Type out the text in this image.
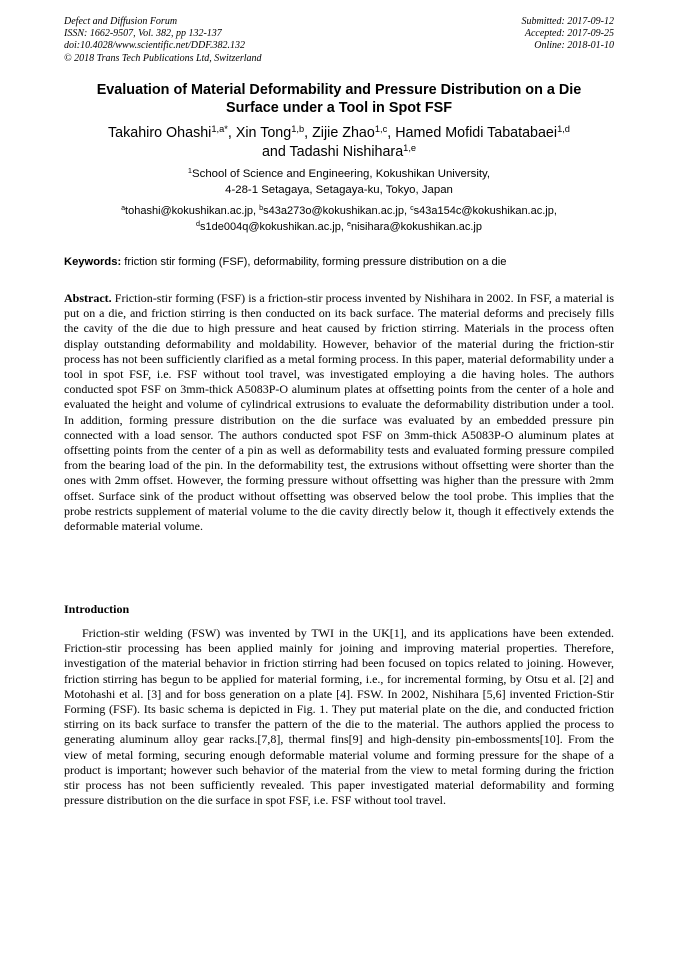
Defect and Diffusion Forum
ISSN: 1662-9507, Vol. 382, pp 132-137
doi:10.4028/www.scientific.net/DDF.382.132
© 2018 Trans Tech Publications Ltd, Switzerland
Submitted: 2017-09-12
Accepted: 2017-09-25
Online: 2018-01-10
Evaluation of Material Deformability and Pressure Distribution on a Die
Surface under a Tool in Spot FSF
Takahiro Ohashi$^{1,a*}$, Xin Tong$^{1,b}$, Zijie Zhao$^{1,c}$, Hamed Mofidi Tabatabaei$^{1,d}$
and Tadashi Nishihara$^{1,e}$
$^1$School of Science and Engineering, Kokushikan University,
4-28-1 Setagaya, Setagaya-ku, Tokyo, Japan
$^a$tohashi@kokushikan.ac.jp, $^b$s43a273o@kokushikan.ac.jp, $^c$s43a154c@kokushikan.ac.jp,
$^d$s1de004q@kokushikan.ac.jp, $^e$nisihara@kokushikan.ac.jp
Keywords: friction stir forming (FSF), deformability, forming pressure distribution on a die

Abstract. Friction-stir forming (FSF) is a friction-stir process invented by Nishihara in 2002. In FSF, a material is put on a die, and friction stirring is then conducted on its back surface. The material deforms and precisely fills the cavity of the die due to high pressure and heat caused by friction stirring. Materials in the process often display outstanding deformability and moldability. However, behavior of the material during the friction-stir process has not been sufficiently clarified as a metal forming process. In this paper, material deformability under a tool in spot FSF, i.e. FSF without tool travel, was investigated employing a die having holes. The authors conducted spot FSF on 3mm-thick A5083P-O aluminum plates at offsetting points from the center of a hole and evaluated the height and volume of cylindrical extrusions to evaluate the deformability distribution under a tool. In addition, forming pressure distribution on the die surface was evaluated by an embedded pressure pin connected with a load sensor. The authors conducted spot FSF on 3mm-thick A5083P-O aluminum plates at offsetting points from the center of a pin as well as deformability tests and evaluated forming pressure compiled from the bearing load of the pin. In the deformability test, the extrusions without offsetting were shorter than the ones with 2mm offset. However, the forming pressure without offsetting was higher than the pressure with 2mm offset. Surface sink of the product without offsetting was observed below the tool probe. This implies that the probe restricts supplement of material volume to the die cavity directly below it, though it effectively extends the deformable material volume.

Introduction

Friction-stir welding (FSW) was invented by TWI in the UK[1], and its applications have been extended. Friction-stir processing has been applied mainly for joining and improving material properties. Therefore, investigation of the material behavior in friction stirring had been focused on topics related to joining. However, friction stirring has begun to be applied for material forming, i.e., for incremental forming, by Otsu et al. [2] and Motohashi et al. [3] and for boss generation on a plate [4]. FSW. In 2002, Nishihara [5,6] invented Friction-Stir Forming (FSF). Its basic schema is depicted in Fig. 1. They put material plate on the die, and conducted friction stirring on its back surface to transfer the pattern of the die to the material. The authors applied the process to generating aluminum alloy gear racks.[7,8], thermal fins[9] and high-density pin-embossments[10]. From the view of metal forming, securing enough deformable material volume and forming pressure for the shape of a product is important; however such behavior of the material from the view to metal forming during the friction stir process has not been sufficiently revealed. This paper investigated material deformability and forming pressure distribution on the die surface in spot FSF, i.e. FSF without tool travel.
